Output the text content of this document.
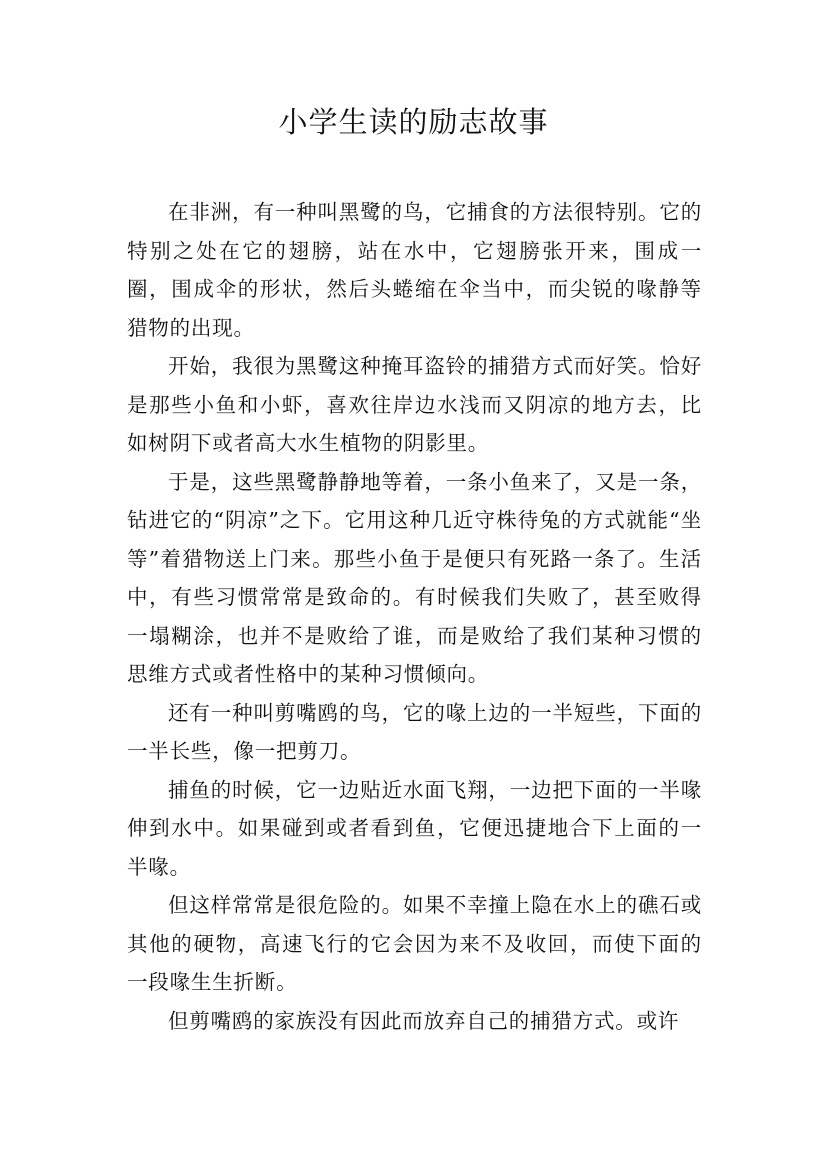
小学生读的励志故事

在非洲，有一种叫黑鹭的鸟，它捕食的方法很特别。它的特别之处在它的翅膀，站在水中，它翅膀张开来，围成一圈，围成伞的形状，然后头蜷缩在伞当中，而尖锐的喙静等猎物的出现。

开始，我很为黑鹭这种掩耳盗铃的捕猎方式而好笑。恰好是那些小鱼和小虾，喜欢往岸边水浅而又阴凉的地方去，比如树阴下或者高大水生植物的阴影里。

于是，这些黑鹭静静地等着，一条小鱼来了，又是一条，钻进它的“阴凉”之下。它用这种几近守株待兔的方式就能“坐等”着猎物送上门来。那些小鱼于是便只有死路一条了。生活中，有些习惯常常是致命的。有时候我们失败了，甚至败得一塌糊涂，也并不是败给了谁，而是败给了我们某种习惯的思维方式或者性格中的某种习惯倾向。

还有一种叫剪嘴鸥的鸟，它的喙上边的一半短些，下面的一半长些，像一把剪刀。

捕鱼的时候，它一边贴近水面飞翔，一边把下面的一半喙伸到水中。如果碰到或者看到鱼，它便迅捷地合下上面的一半喙。

但这样常常是很危险的。如果不幸撞上隐在水上的礁石或其他的硬物，高速飞行的它会因为来不及收回，而使下面的一段喙生生折断。

但剪嘴鸥的家族没有因此而放弃自己的捕猎方式。或许
